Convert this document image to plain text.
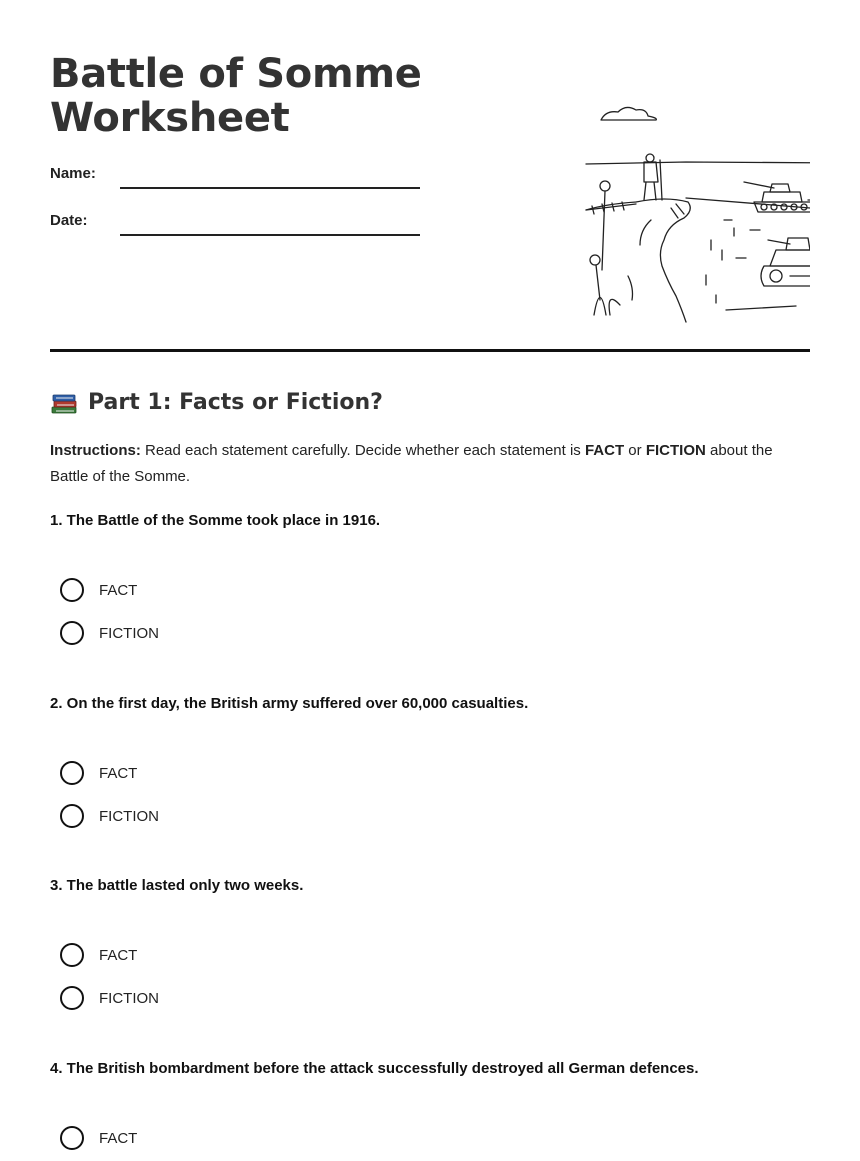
Battle of Somme
Worksheet
Name:
Date:
Part 1: Facts or Fiction?
Instructions: Read each statement carefully. Decide whether each statement is FACT or FICTION about the Battle of the Somme.
1. The Battle of the Somme took place in 1916.
FACT
FICTION
2. On the first day, the British army suffered over 60,000 casualties.
FACT
FICTION
3. The battle lasted only two weeks.
FACT
FICTION
4. The British bombardment before the attack successfully destroyed all German defences.
FACT
